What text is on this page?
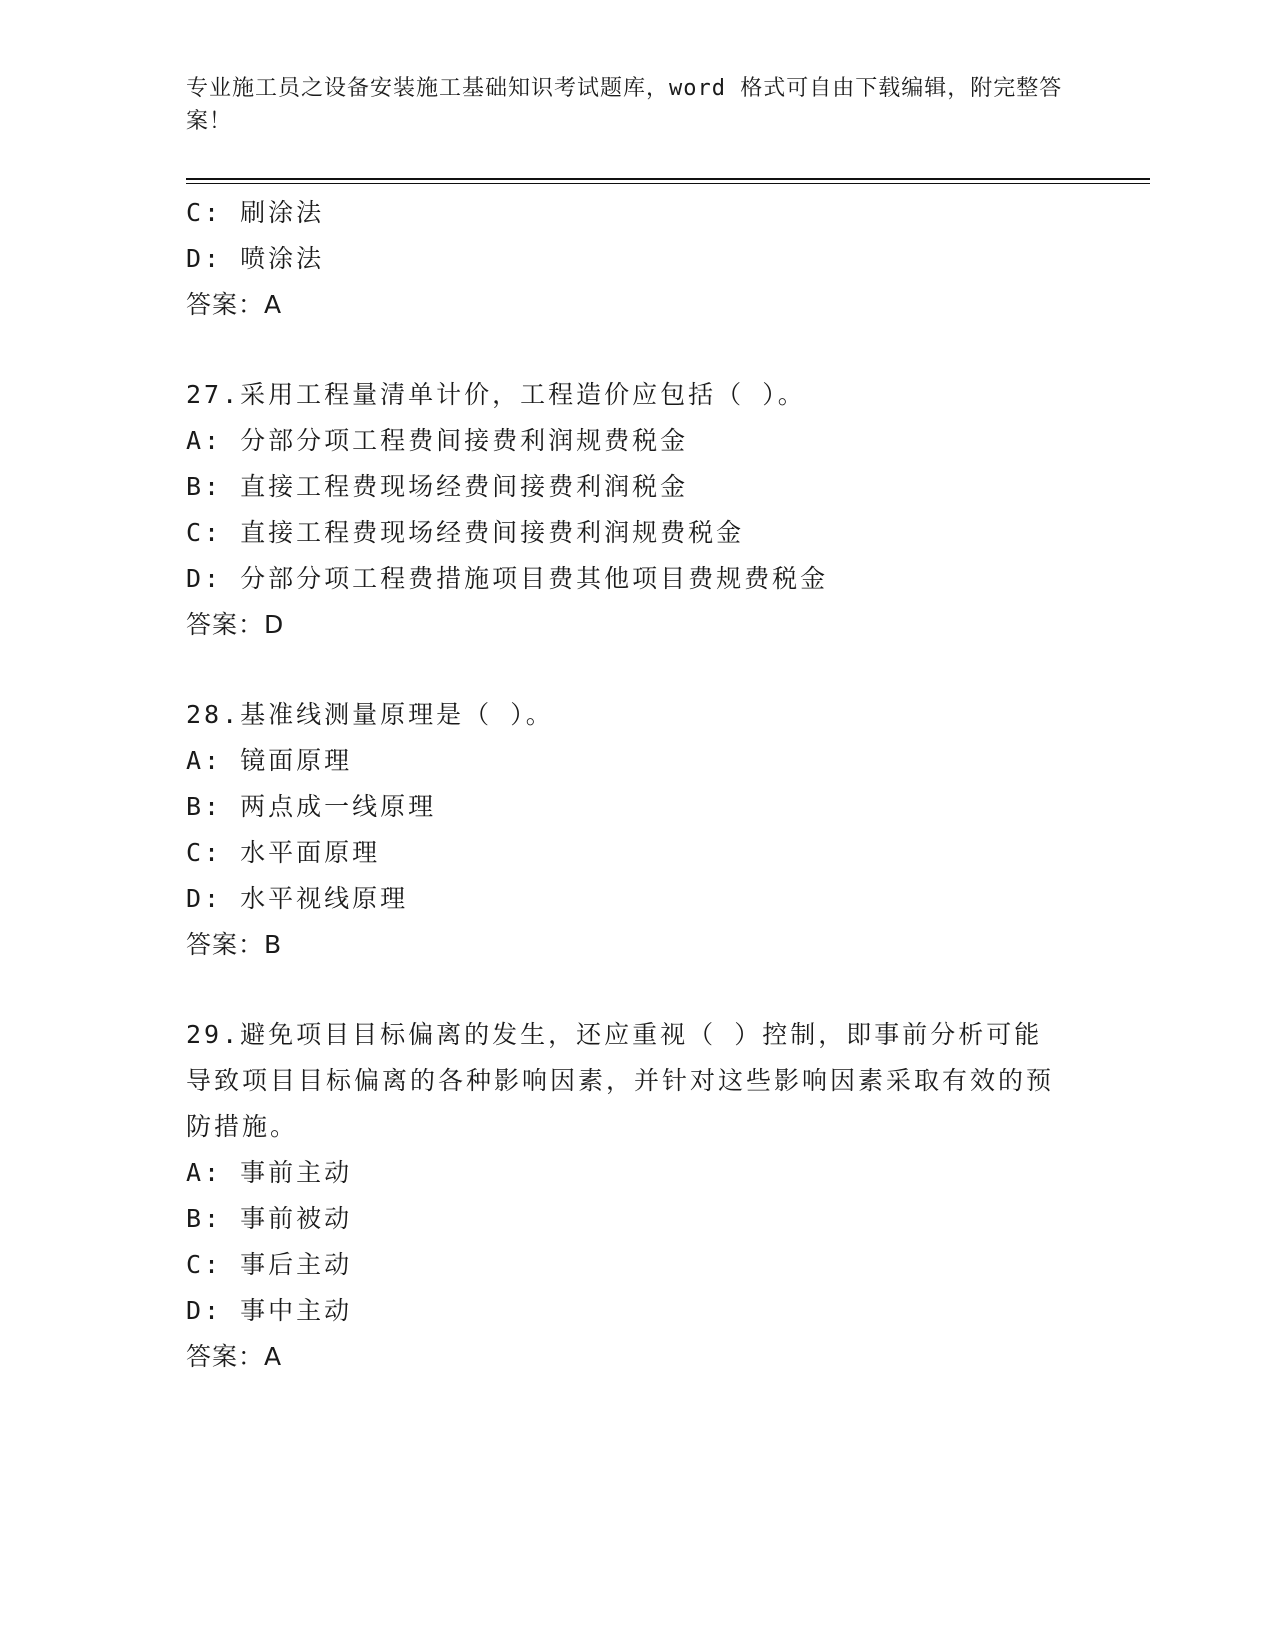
专业施工员之设备安装施工基础知识考试题库，word 格式可自由下载编辑，附完整答案！
C: 刷涂法
D: 喷涂法
答案：A
27.采用工程量清单计价，工程造价应包括（ ）。
A: 分部分项工程费间接费利润规费税金
B: 直接工程费现场经费间接费利润税金
C: 直接工程费现场经费间接费利润规费税金
D: 分部分项工程费措施项目费其他项目费规费税金
答案：D
28.基准线测量原理是（ ）。
A: 镜面原理
B: 两点成一线原理
C: 水平面原理
D: 水平视线原理
答案：B
29.避免项目目标偏离的发生，还应重视（ ）控制，即事前分析可能导致项目目标偏离的各种影响因素，并针对这些影响因素采取有效的预防措施。
A: 事前主动
B: 事前被动
C: 事后主动
D: 事中主动
答案：A
